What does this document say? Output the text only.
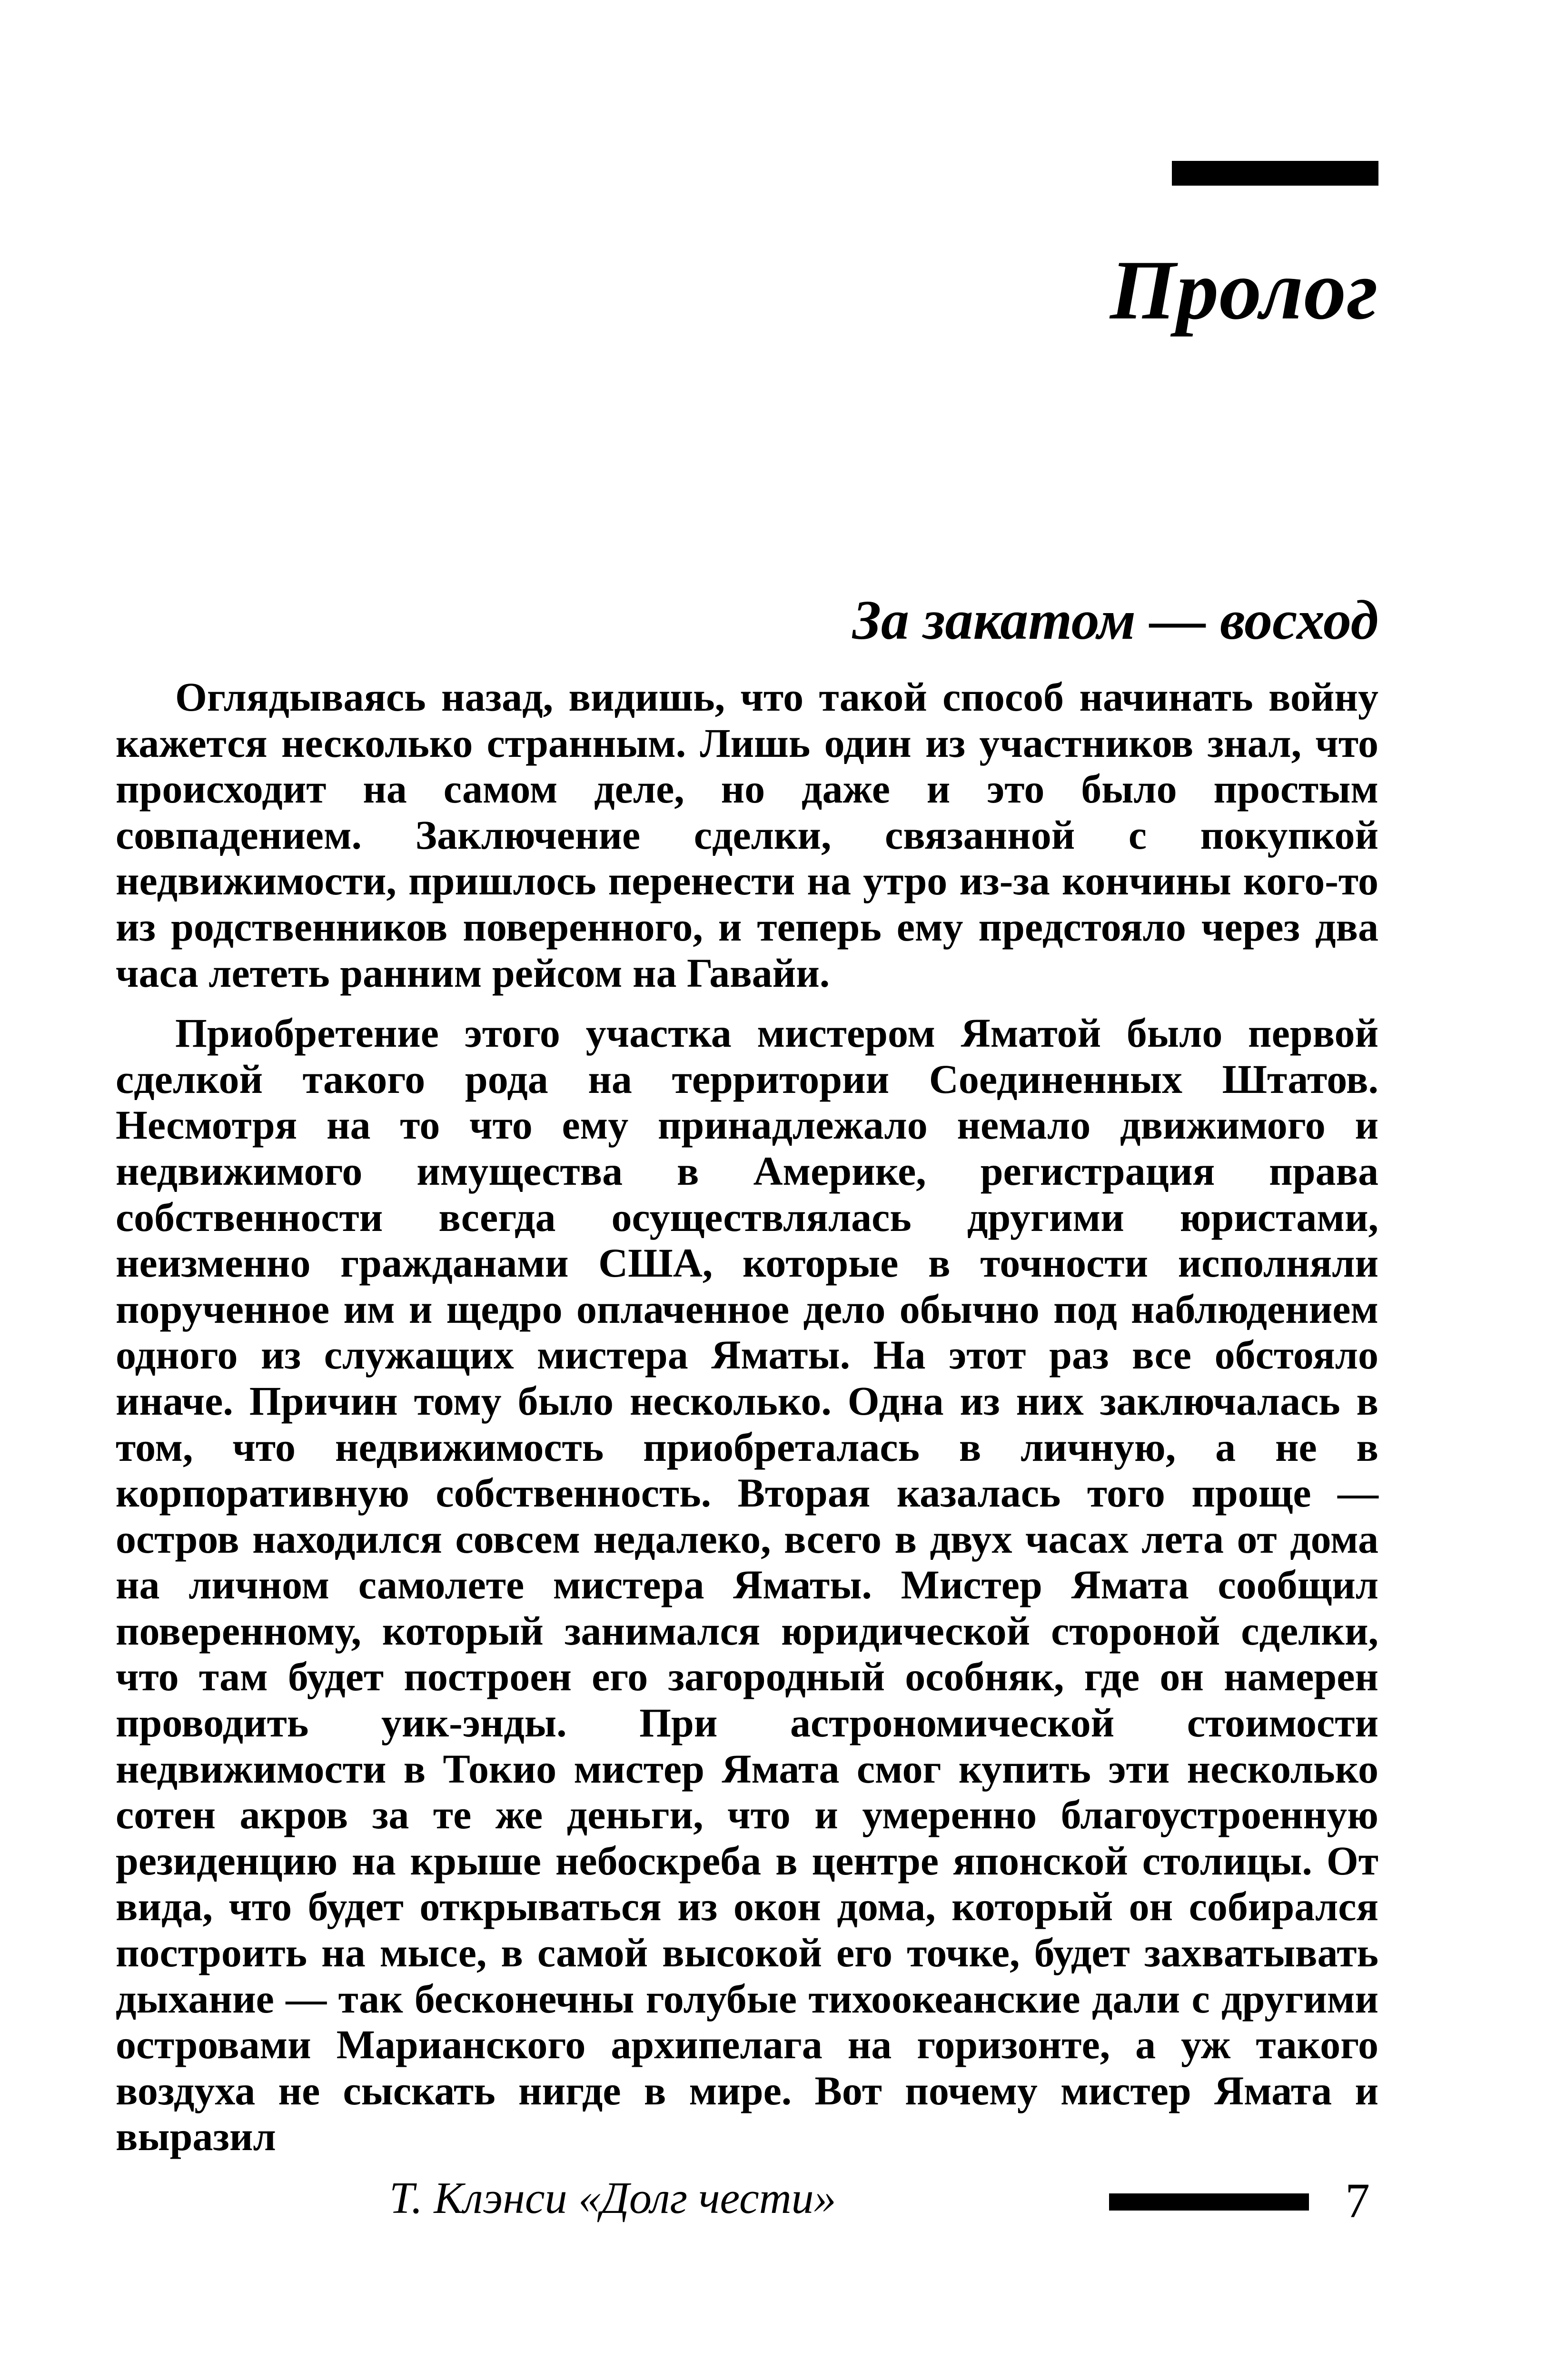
Пролог
За закатом — восход

Оглядываясь назад, видишь, что такой способ начинать войну кажется несколько странным. Лишь один из участников знал, что происходит на самом деле, но даже и это было простым совпадением. Заключение сделки, связанной с покупкой недвижимости, пришлось перенести на утро из-за кончины кого-то из родственников поверенного, и теперь ему предстояло через два часа лететь ранним рейсом на Гавайи.

Приобретение этого участка мистером Яматой было первой сделкой такого рода на территории Соединенных Штатов. Несмотря на то что ему принадлежало немало движимого и недвижимого имущества в Америке, регистрация права собственности всегда осуществлялась другими юристами, неизменно гражданами США, которые в точности исполняли порученное им и щедро оплаченное дело обычно под наблюдением одного из служащих мистера Яматы. На этот раз все обстояло иначе. Причин тому было несколько. Одна из них заключалась в том, что недвижимость приобреталась в личную, а не в корпоративную собственность. Вторая казалась того проще — остров находился совсем недалеко, всего в двух часах лета от дома на личном самолете мистера Яматы. Мистер Ямата сообщил поверенному, который занимался юридической стороной сделки, что там будет построен его загородный особняк, где он намерен проводить уик-энды. При астрономической стоимости недвижимости в Токио мистер Ямата смог купить эти несколько сотен акров за те же деньги, что и умеренно благоустроенную резиденцию на крыше небоскреба в центре японской столицы. От вида, что будет открываться из окон дома, который он собирался построить на мысе, в самой высокой его точке, будет захватывать дыхание — так бесконечны голубые тихоокеанские дали с другими островами Марианского архипелага на горизонте, а уж такого воздуха не сыскать нигде в мире. Вот почему мистер Ямата и выразил

Т. Клэнси «Долг чести»	7
